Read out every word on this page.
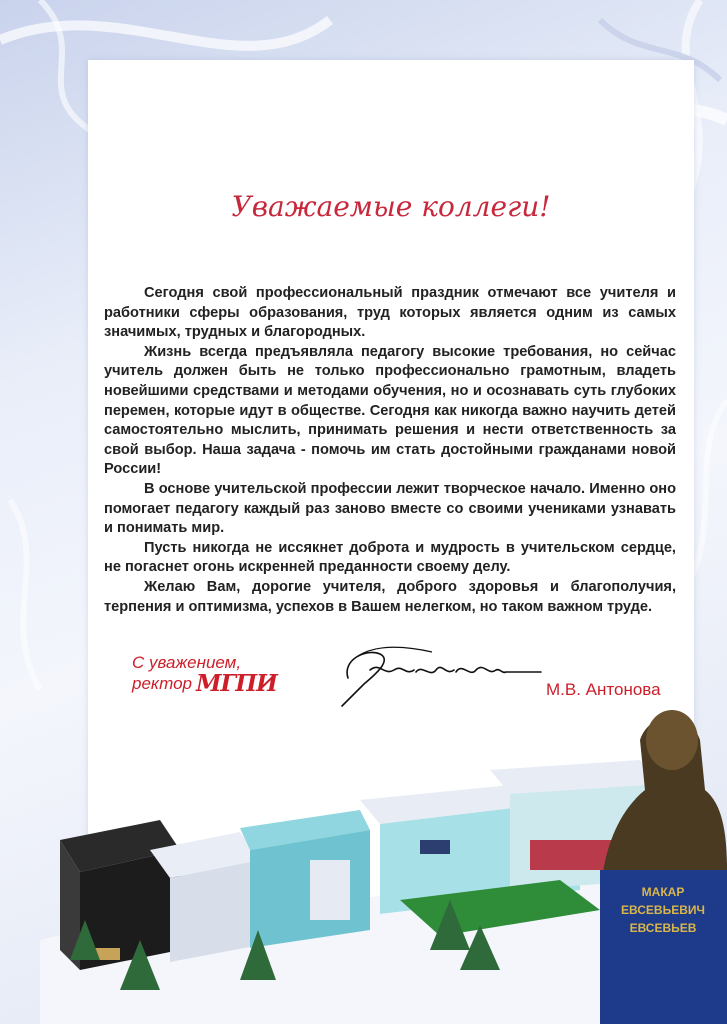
Уважаемые коллеги!

Сегодня свой профессиональный праздник отмечают все учителя и работники сферы образования, труд которых является одним из самых значимых, трудных и благородных.

Жизнь всегда предъявляла педагогу высокие требования, но сейчас учитель должен быть не только профессионально грамотным, владеть новейшими средствами и методами обучения, но и осознавать суть глубоких перемен, которые идут в обществе. Сегодня как никогда важно научить детей самостоятельно мыслить, принимать решения и нести ответственность за свой выбор. Наша задача - помочь им стать достойными гражданами новой России!

В основе учительской профессии лежит творческое начало. Именно оно помогает педагогу каждый раз заново вместе со своими учениками узнавать и понимать мир.

Пусть никогда не иссякнет доброта и мудрость в учительском сердце, не погаснет огонь искренней преданности своему делу.

Желаю Вам, дорогие учителя, доброго здоровья и благополучия, терпения и оптимизма, успехов в Вашем нелегком, но таком важном труде.

С уважением,
ректор МГПИ	М.В. Антонова
МАКАР
ЕВСЕВЬЕВИЧ
ЕВСЕВЬЕВ
